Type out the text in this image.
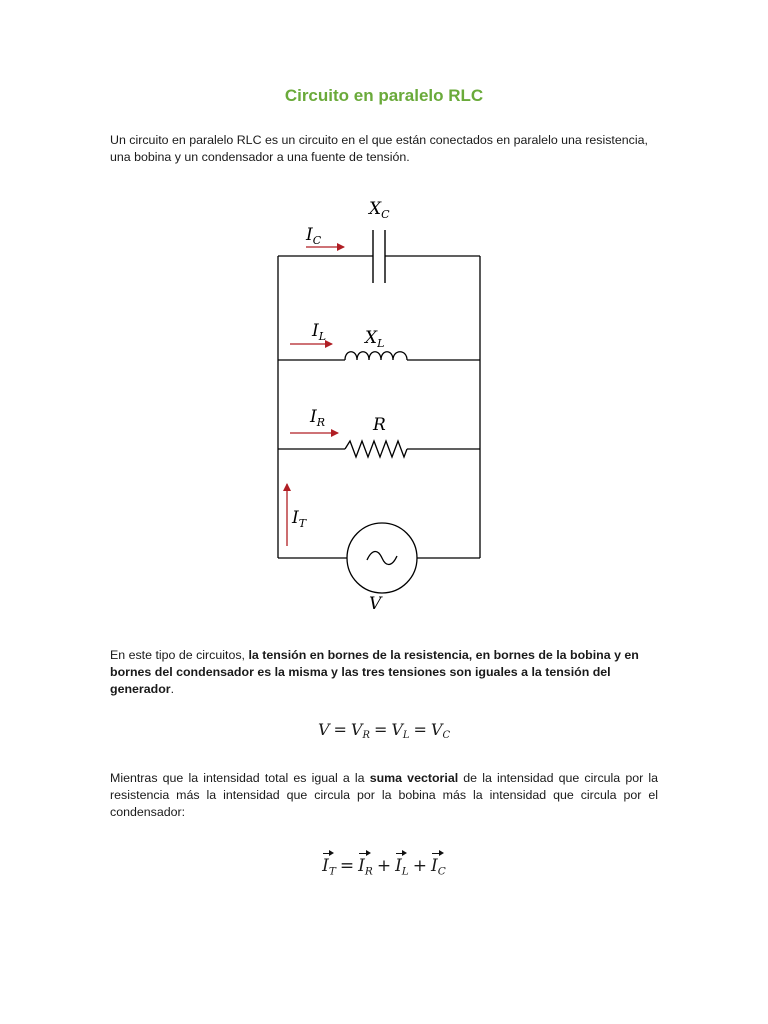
Circuito en paralelo RLC
Un circuito en paralelo RLC es un circuito en el que están conectados en paralelo una resistencia, una bobina y un condensador a una fuente de tensión.
$X_C$
$I_C$
$I_L$ $X_L$
$I_R$	R
$I_T$
V
En este tipo de circuitos, la tensión en bornes de la resistencia, en bornes de la bobina y en bornes del condensador es la misma y las tres tensiones son iguales a la tensión del generador.
$V = V_R = V_L = V_C$
Mientras que la intensidad total es igual a la suma vectorial de la intensidad que circula por la resistencia más la intensidad que circula por la bobina más la intensidad que circula por el condensador:
$I_T = I_R + I_L + I_C$
